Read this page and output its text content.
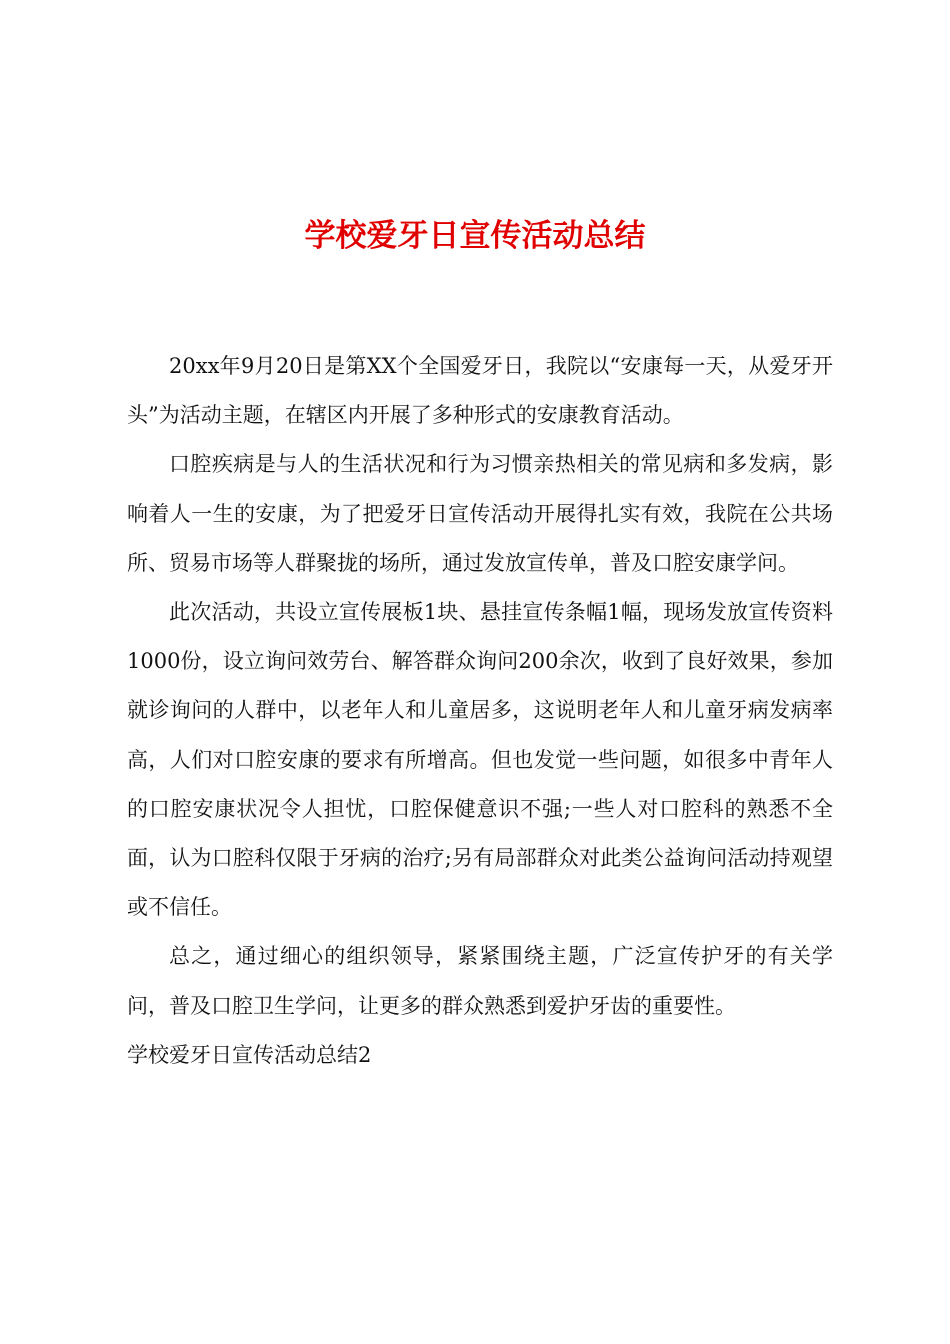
学校爱牙日宣传活动总结

20xx年9月20日是第XX个全国爱牙日，我院以“安康每一天，从爱牙开头”为活动主题，在辖区内开展了多种形式的安康教育活动。

口腔疾病是与人的生活状况和行为习惯亲热相关的常见病和多发病，影响着人一生的安康，为了把爱牙日宣传活动开展得扎实有效，我院在公共场所、贸易市场等人群聚拢的场所，通过发放宣传单，普及口腔安康学问。

此次活动，共设立宣传展板1块、悬挂宣传条幅1幅，现场发放宣传资料1000份，设立询问效劳台、解答群众询问200余次，收到了良好效果，参加就诊询问的人群中，以老年人和儿童居多，这说明老年人和儿童牙病发病率高，人们对口腔安康的要求有所增高。但也发觉一些问题，如很多中青年人的口腔安康状况令人担忧，口腔保健意识不强;一些人对口腔科的熟悉不全面，认为口腔科仅限于牙病的治疗;另有局部群众对此类公益询问活动持观望或不信任。

总之，通过细心的组织领导，紧紧围绕主题，广泛宣传护牙的有关学问，普及口腔卫生学问，让更多的群众熟悉到爱护牙齿的重要性。

学校爱牙日宣传活动总结2
